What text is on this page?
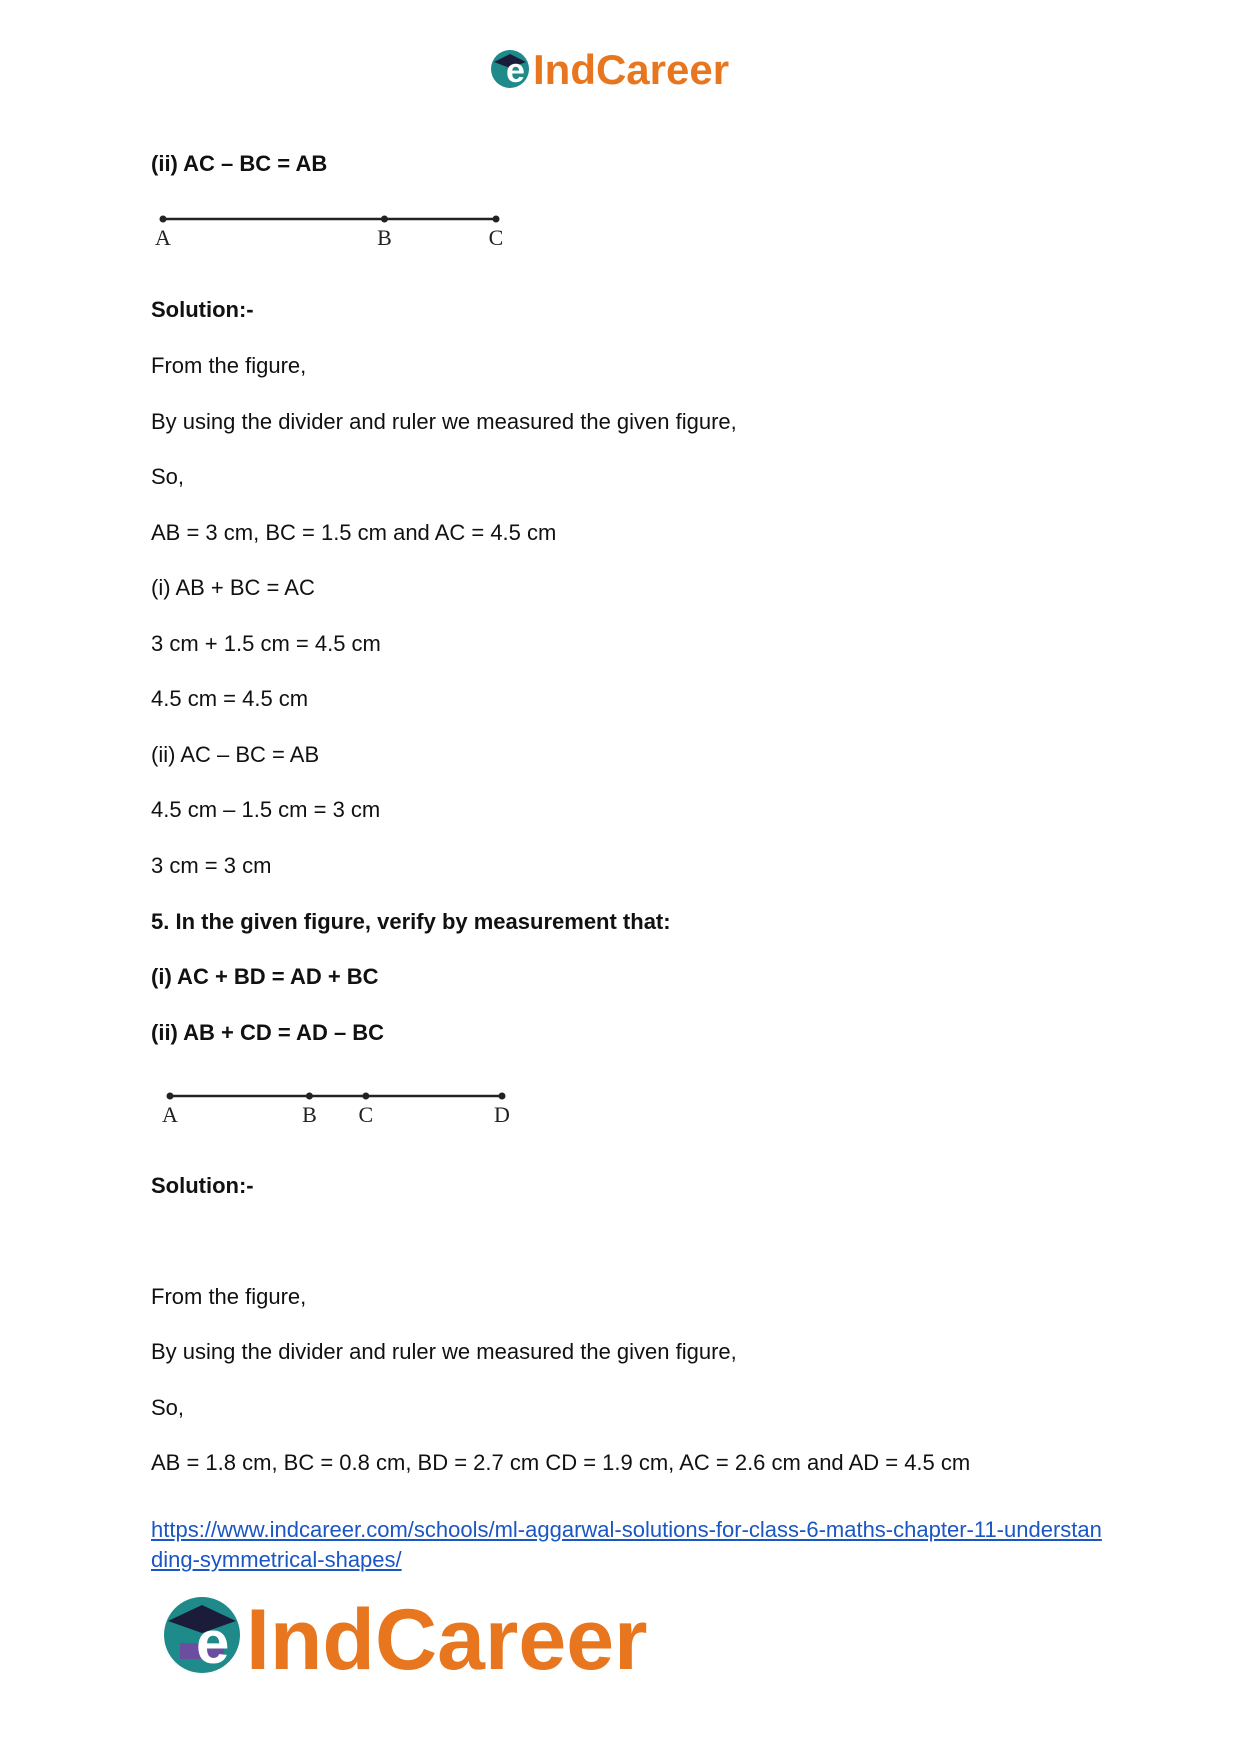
e IndCareer

(ii) AC – BC = AB

A	B	C

Solution:-

From the figure,

By using the divider and ruler we measured the given figure,

So,

AB = 3 cm, BC = 1.5 cm and AC = 4.5 cm

(i) AB + BC = AC

3 cm + 1.5 cm = 4.5 cm

4.5 cm = 4.5 cm

(ii) AC – BC = AB

4.5 cm – 1.5 cm = 3 cm

3 cm = 3 cm

5. In the given figure, verify by measurement that:

(i) AC + BD = AD + BC

(ii) AB + CD = AD – BC

A	B C	D

Solution:-

From the figure,

By using the divider and ruler we measured the given figure,

So,

AB = 1.8 cm, BC = 0.8 cm, BD = 2.7 cm CD = 1.9 cm, AC = 2.6 cm and AD = 4.5 cm

https://www.indcareer.com/schools/ml-aggarwal-solutions-for-class-6-maths-chapter-11-understanding-symmetrical-shapes/
e IndCareer
